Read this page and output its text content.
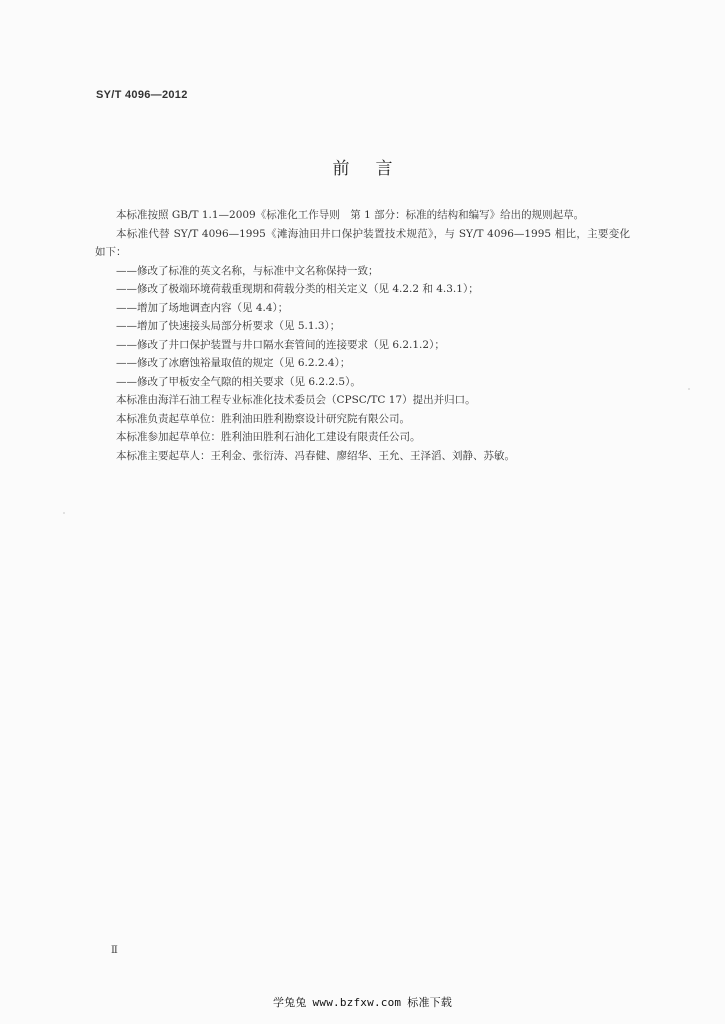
SY/T 4096—2012
前言

本标准按照 GB/T 1.1—2009《标准化工作导则　第 1 部分：标准的结构和编写》给出的规则起草。

本标准代替 SY/T 4096—1995《滩海油田井口保护装置技术规范》，与 SY/T 4096—1995 相比，主要变化如下：

——修改了标准的英文名称，与标准中文名称保持一致；

——修改了极端环境荷载重现期和荷载分类的相关定义（见 4.2.2 和 4.3.1）；

——增加了场地调查内容（见 4.4）；

——增加了快速接头局部分析要求（见 5.1.3）；

——修改了井口保护装置与井口隔水套管间的连接要求（见 6.2.1.2）；

——修改了冰磨蚀裕量取值的规定（见 6.2.2.4）；

——修改了甲板安全气隙的相关要求（见 6.2.2.5）。

本标准由海洋石油工程专业标准化技术委员会（CPSC/TC 17）提出并归口。

本标准负责起草单位：胜利油田胜利勘察设计研究院有限公司。

本标准参加起草单位：胜利油田胜利石油化工建设有限责任公司。

本标准主要起草人：王利金、张衍涛、冯春健、廖绍华、王允、王泽滔、刘静、苏敏。

Ⅱ
学兔兔 www.bzfxw.com 标准下载
